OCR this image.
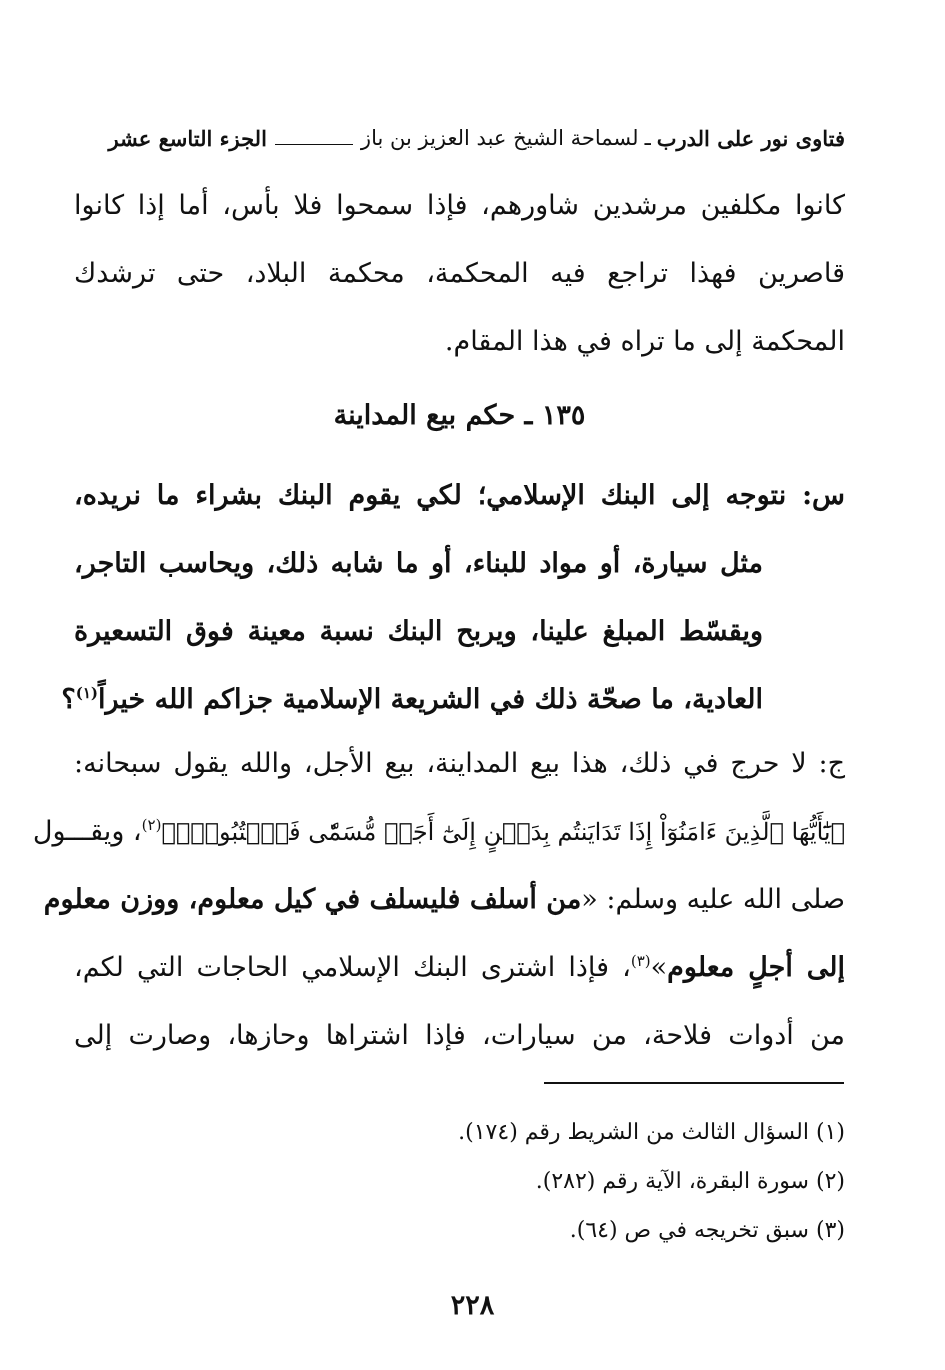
فتاوى نور على الدرب
ـ
لسماحة الشيخ عبد العزيز بن باز
الجزء التاسع عشر
كانوا مكلفين مرشدين شاورهم، فإذا سمحوا فلا بأس، أما إذا كانوا
قاصرين فهذا تراجع فيه المحكمة، محكمة البلاد، حتى ترشدك
المحكمة إلى ما تراه في هذا المقام.
١٣٥ ـ حكم بيع المداينة
س: نتوجه إلى البنك الإسلامي؛ لكي يقوم البنك بشراء ما نريده،
مثل سيارة، أو مواد للبناء، أو ما شابه ذلك، ويحاسب التاجر،
ويقسّط المبلغ علينا، ويربح البنك نسبة معينة فوق التسعيرة
العادية، ما صحّة ذلك في الشريعة الإسلامية جزاكم الله خيراً$^{(١)}$؟
ج: لا حرج في ذلك، هذا بيع المداينة، بيع الأجل، والله يقول سبحانه:
﴿يَٰٓأَيُّهَا ٱلَّذِينَ ءَامَنُوٓاْ إِذَا تَدَايَنتُم بِدَيۡنٍ إِلَىٰٓ أَجَلٖ مُّسَمّٗى فَٱكۡتُبُوهُۚ﴾$^{(٢)}$، ويقـــول
صلى الله عليه وسلم: «من أسلف فليسلف في كيل معلوم، ووزن معلوم
إلى أجلٍ معلوم»$^{(٣)}$، فإذا اشترى البنك الإسلامي الحاجات التي لكم،
من أدوات فلاحة، من سيارات، فإذا اشتراها وحازها، وصارت إلى
(١) السؤال الثالث من الشريط رقم (١٧٤).
(٢) سورة البقرة، الآية رقم (٢٨٢).
(٣) سبق تخريجه في ص (٦٤).
٢٢٨
